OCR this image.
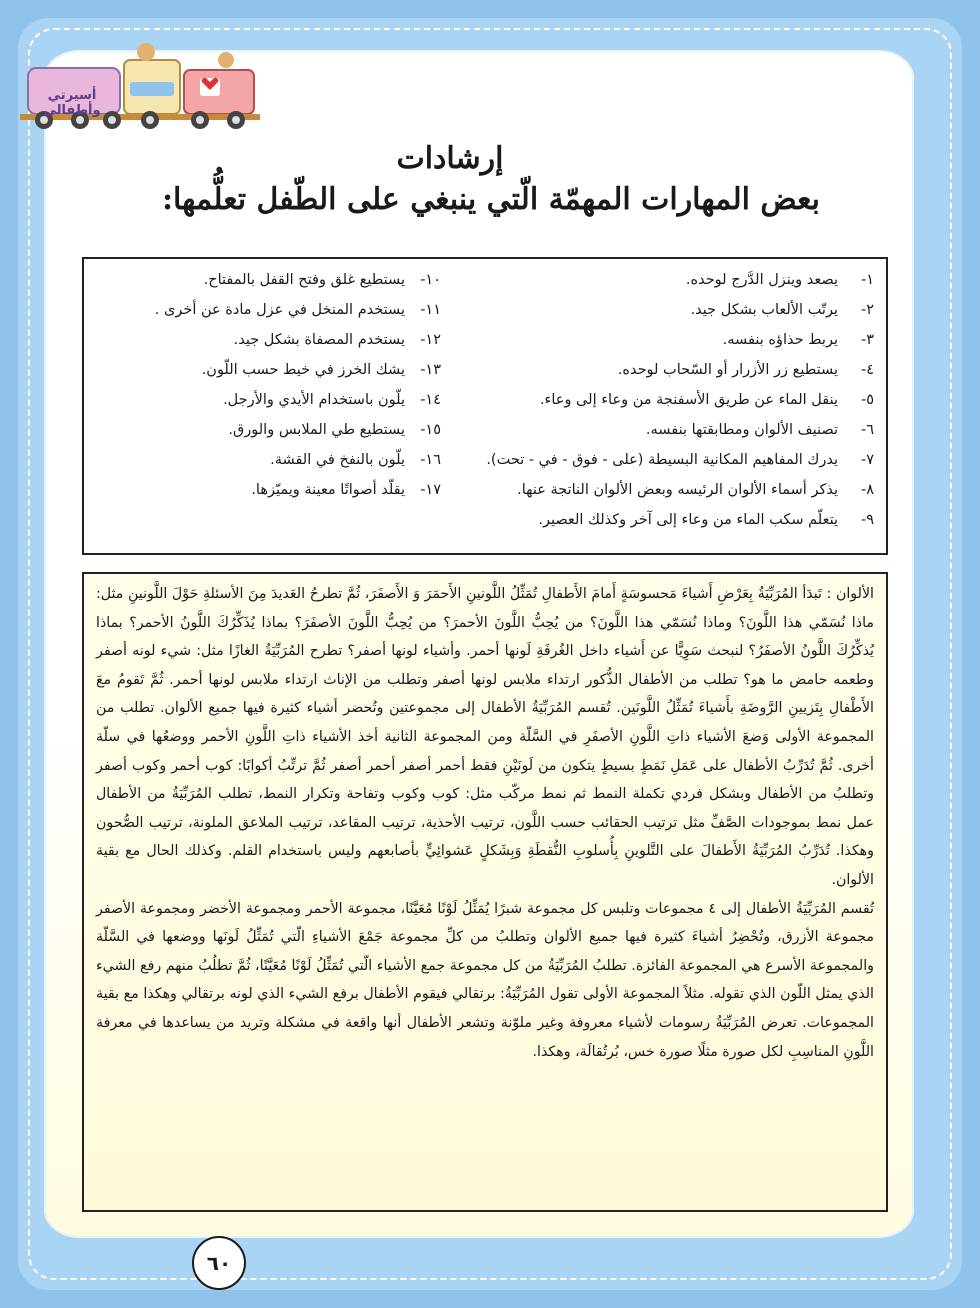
أسيرتي وأطفالي
إرشادات
بعض المهارات المهمّة الّتي ينبغي على الطّفل تعلُّمها:
١-
يصعد وينزل الدَّرج لوحده.
٢-
يرتّب الألعاب بشكل جيد.
٣-
يربط حذاؤه بنفسه.
٤-
يستطيع زر الأزرار أو السّحاب لوحده.
٥-
ينقل الماء عن طريق الأسفنجة من وعاء إلى وعاء.
٦-
تصنيف الألوان ومطابقتها بنفسه.
٧-
يدرك المفاهيم المكانية البسيطة (على - فوق - في - تحت).
٨-
يذكر أسماء الألوان الرئيسه وبعض الألوان الناتجة عنها.
٩-
يتعلّم سكب الماء من وعاء إلى آخر وكذلك العصير.
١٠-
يستطيع غلق وفتح القفل بالمفتاح.
١١-
يستخدم المنخل في عزل مادة عن أخرى .
١٢-
يستخدم المصفاة بشكل جيد.
١٣-
يشك الخرز في خيط حسب اللّون.
١٤-
يلّون باستخدام الأيدي والأرجل.
١٥-
يستطيع طي الملابس والورق.
١٦-
يلّون بالنفخ في القشة.
١٧-
يقلّد أصواتًا معينة ويميّزها.

الألوان : تَبدَأ المُرَبِّيَةُ بِعَرْضِ أَشياءَ مَحسوسَةٍ أَمامَ الأَطفالِ تُمَثِّلُ اللَّونينِ الأَحمَرَ وَ الأَصفَرَ، ثُمَّ تطرحُ العَديدَ مِنَ الأسئلةِ حَوْلَ اللَّونينِ مثل: ماذا نُسَمّي هذا اللَّونَ؟ وماذا نُسَمّي هذا اللَّونَ؟ من يُحِبُّ اللَّونَ الأحمرَ؟ من يُحِبُّ اللَّونَ الأصفَرَ؟ بماذا يُذَكِّرُكَ اللَّونُ الأحمر؟ بماذا يُذكِّرُكَ اللَّونُ الأصفَرُ؟ لنبحث سَوِيًّا عن أَشياء داخل الغُرفَةِ لَونها أحمر. وأشياء لونها أصفر؟ تطرح المُرَبِّيَةُ الغازًا مثل: شيء لونه أصفر وطعمه حامض ما هو؟ تطلب من الأطفال الذُّكور ارتداء ملابس لونها أصفر وتطلب من الإناث ارتداء ملابس لونها أحمر. ثُمَّ تَقومُ معَ الأَطْفالِ بِتَزيينِ الرَّوضَةِ بأَشياءَ تُمَثِّلُ اللَّونَين. تُقسم المُرَبِّيَةُ الأطفال إلى مجموعتين وتُحضر أشياء كثيرة فيها جميع الألوان. تطلب من المجموعة الأولى وَضعَ الأشياء ذاتِ اللَّونِ الأصفَرِ في السَّلّة ومن المجموعة الثانية أخذ الأشياء ذاتِ اللَّونِ الأحمر ووضعُها في سلّة أخرى. ثُمَّ تُدَرِّبُ الأطفال على عَمَلِ نَمَطٍ بسيطٍ يتكون من لَونَيْنِ فقط أحمر أصفر أحمر أصفر ثُمَّ ترتِّبُ أكوابًا: كوب أحمر وكوب أصفر وتطلبُ من الأطفال وبشكل فردي تكملة النمط ثم نمط مركّب مثل: كوب وكوب وتفاحة وتكرار النمط، تطلب المُرَبِّيَةُ من الأطفال عمل نمط بموجودات الصَّفِّ مثل ترتيب الحقائب حسب اللَّون، ترتيب الأحذية، ترتيب المقاعد، ترتيب الملاعق الملونة، ترتيب الصُّحون وهكذا. تُدَرِّبُ المُرَبِّيَةُ الأَطفالَ على التَّلوينِ بِأُسلوبِ النُّقطَةِ وَبِشَكلٍ عَشوائِيٍّ بأصابعهم وليس باستخدام القلم. وكذلك الحال مع بقية الألوان.

تُقسم المُرَبِّيَةُ الأطفال إلى ٤ مجموعات وتلبس كل مجموعة شبرًا يُمَثِّلُ لَوْنًا مُعَيَّنًا، مجموعة الأحمر ومجموعة الأخضر ومجموعة الأصفر مجموعة الأزرق، وتُحْضِرُ أشياءَ كثيرة فيها جميع الألوان وتطلبُ من كلِّ مجموعة جَمْعَ الأشياءِ الّتي تُمَثِّلُ لَونَها ووضعها في السَّلّة والمجموعة الأسرع هي المجموعة الفائزة. تطلبُ المُرَبِّيَةُ من كل مجموعة جمع الأشياء الّتي تُمَثِّلُ لَوْنًا مُعَيَّنًا، ثُمَّ تطلُبُ منهم رفع الشيء الذي يمثل اللّون الذي تقوله. مثلاً المجموعة الأولى تقول المُرَبِّيَةُ: برتقالي فيقوم الأطفال برفع الشيء الذي لونه برتقالي وهكذا مع بقية المجموعات. تعرض المُرَبِّيَةُ رسومات لأشياء معروفة وغير ملوّنة وتشعر الأطفال أنها واقعة في مشكلة وتريد من يساعدها في معرفة اللَّونِ المناسِبِ لكل صورة مثلًا صورة خس، بُرتُقالَة، وهكذا.

٦٠
